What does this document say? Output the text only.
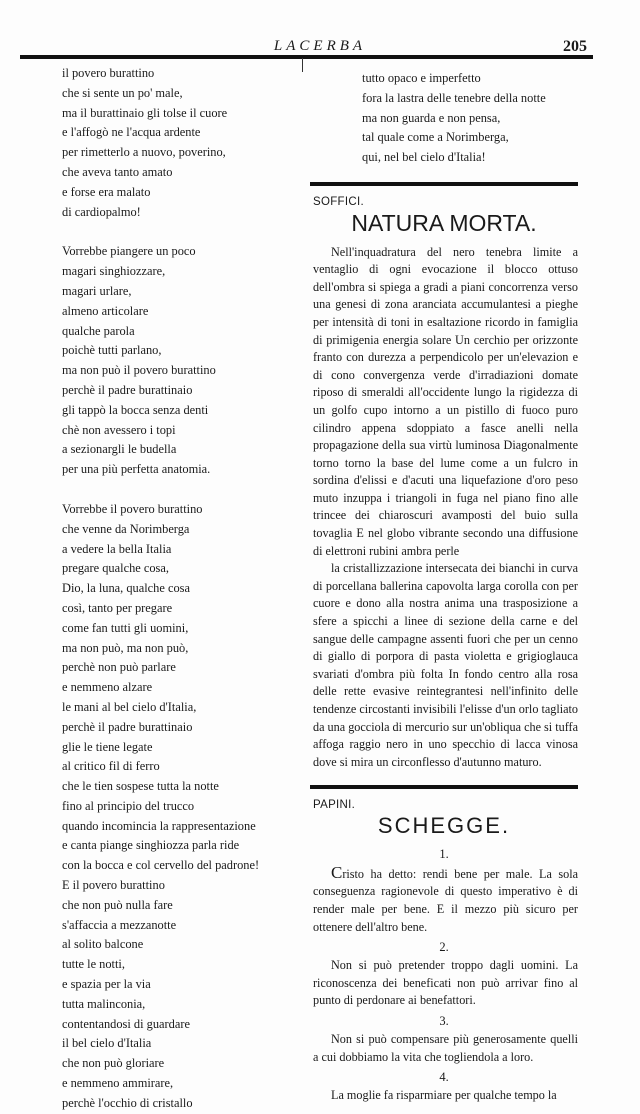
LACERBA	205
il povero burattino
che si sente un po' male,
ma il burattinaio gli tolse il cuore
e l'affogò ne l'acqua ardente
per rimetterlo a nuovo, poverino,
che aveva tanto amato
e forse era malato
di cardiopalmo!
Vorrebbe piangere un poco
magari singhiozzare,
magari urlare,
almeno articolare
qualche parola
poichè tutti parlano,
ma non può il povero burattino
perchè il padre burattinaio
gli tappò la bocca senza denti
chè non avessero i topi
a sezionargli le budella
per una più perfetta anatomia.
Vorrebbe il povero burattino
che venne da Norimberga
a vedere la bella Italia
pregare qualche cosa,
Dio, la luna, qualche cosa
così, tanto per pregare
come fan tutti gli uomini,
ma non può, ma non può,
perchè non può parlare
e nemmeno alzare
le mani al bel cielo d'Italia,
perchè il padre burattinaio
glie le tiene legate
al critico fil di ferro
che le tien sospese tutta la notte
fino al principio del trucco
quando incomincia la rappresentazione
e canta piange singhiozza parla ride
con la bocca e col cervello del padrone!
E il povero burattino
che non può nulla fare
s'affaccia a mezzanotte
al solito balcone
tutte le notti,
e spazia per la via
tutta malinconia,
contentandosi di guardare
il bel cielo d'Italia
che non può gloriare
e nemmeno ammirare,
perchè l'occhio di cristallo
tutto opaco e imperfetto
fora la lastra delle tenebre della notte
ma non guarda e non pensa,
tal quale come a Norimberga,
qui, nel bel cielo d'Italia!
SOFFICI.
NATURA MORTA.

Nell'inquadratura del nero tenebra limite a ventaglio di ogni evocazione il blocco ottuso dell'ombra si spiega a gradi a piani concorrenza verso una genesi di zona aranciata accumulantesi a pieghe per intensità di toni in esaltazione ricordo in famiglia di primigenia energia solare Un cerchio per orizzonte franto con durezza a perpendicolo per un'elevazion e di cono convergenza verde d'irradiazioni domate riposo di smeraldi all'occidente lungo la rigidezza di un golfo cupo intorno a un pistillo di fuoco puro cilindro appena sdoppiato a fasce anelli nella propagazione della sua virtù luminosa Diagonalmente torno torno la base del lume come a un fulcro in sordina d'elissi e d'acuti una liquefazione d'oro peso muto inzuppa i triangoli in fuga nel piano fino alle trincee dei chiaroscuri avamposti del buio sulla tovaglia E nel globo vibrante secondo una diffusione di elettroni rubini ambra perle

la cristallizzazione intersecata dei bianchi in curva di porcellana ballerina capovolta larga corolla con per cuore e dono alla nostra anima una trasposizione a sfere a spicchi a linee di sezione della carne e del sangue delle campagne assenti fuori che per un cenno di giallo di porpora di pasta violetta e grigioglauca svariati d'ombra più folta In fondo centro alla rosa delle rette evasive reintegrantesi nell'infinito delle tendenze circostanti invisibili l'elisse d'un orlo tagliato da una gocciola di mercurio sur un'obliqua che si tuffa affoga raggio nero in uno specchio di lacca vinosa dove si mira un circonflesso d'autunno maturo.

PAPINI.
SCHEGGE.
1.

Cristo ha detto: rendi bene per male. La sola conseguenza ragionevole di questo imperativo è di render male per bene. E il mezzo più sicuro per ottenere dell'altro bene.

2.

Non si può pretender troppo dagli uomini. La riconoscenza dei beneficati non può arrivar fino al punto di perdonare ai benefattori.

3.

Non si può compensare più generosamente quelli a cui dobbiamo la vita che togliendola a loro.

4.

La moglie fa risparmiare per qualche tempo la
